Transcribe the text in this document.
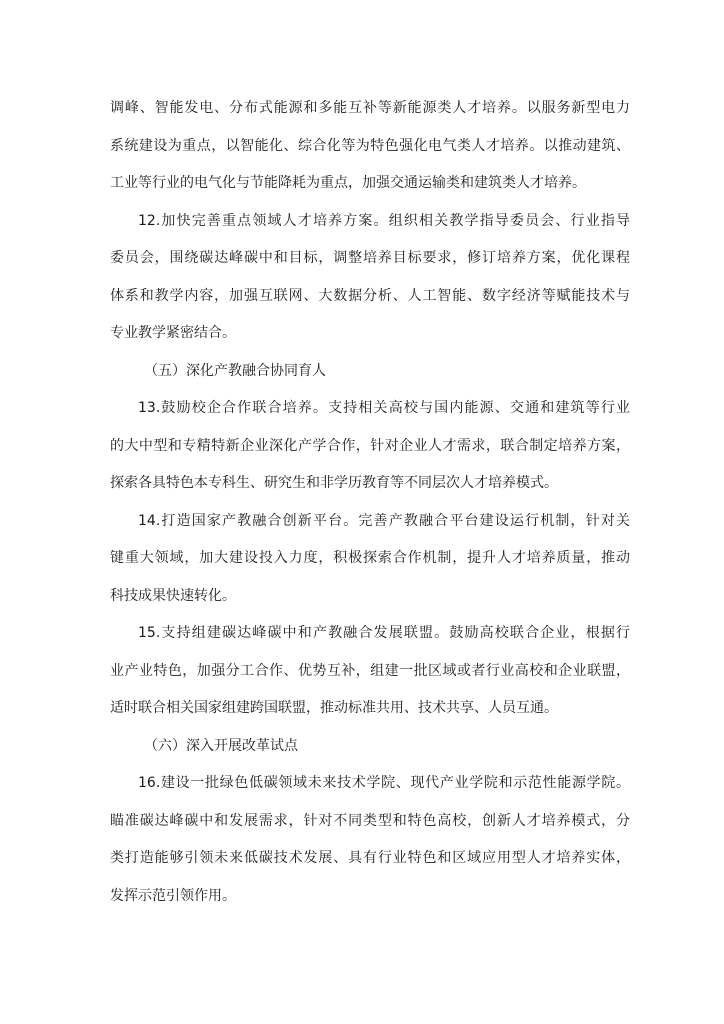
调峰、智能发电、分布式能源和多能互补等新能源类人才培养。以服务新型电力
系统建设为重点，以智能化、综合化等为特色强化电气类人才培养。以推动建筑、
工业等行业的电气化与节能降耗为重点，加强交通运输类和建筑类人才培养。
12.加快完善重点领域人才培养方案。组织相关教学指导委员会、行业指导
委员会，围绕碳达峰碳中和目标，调整培养目标要求，修订培养方案，优化课程
体系和教学内容，加强互联网、大数据分析、人工智能、数字经济等赋能技术与
专业教学紧密结合。
（五）深化产教融合协同育人
13.鼓励校企合作联合培养。支持相关高校与国内能源、交通和建筑等行业
的大中型和专精特新企业深化产学合作，针对企业人才需求，联合制定培养方案，
探索各具特色本专科生、研究生和非学历教育等不同层次人才培养模式。
14.打造国家产教融合创新平台。完善产教融合平台建设运行机制，针对关
键重大领域，加大建设投入力度，积极探索合作机制，提升人才培养质量，推动
科技成果快速转化。
15.支持组建碳达峰碳中和产教融合发展联盟。鼓励高校联合企业，根据行
业产业特色，加强分工合作、优势互补，组建一批区域或者行业高校和企业联盟，
适时联合相关国家组建跨国联盟，推动标准共用、技术共享、人员互通。
（六）深入开展改革试点
16.建设一批绿色低碳领域未来技术学院、现代产业学院和示范性能源学院。
瞄准碳达峰碳中和发展需求，针对不同类型和特色高校，创新人才培养模式，分
类打造能够引领未来低碳技术发展、具有行业特色和区域应用型人才培养实体，
发挥示范引领作用。
